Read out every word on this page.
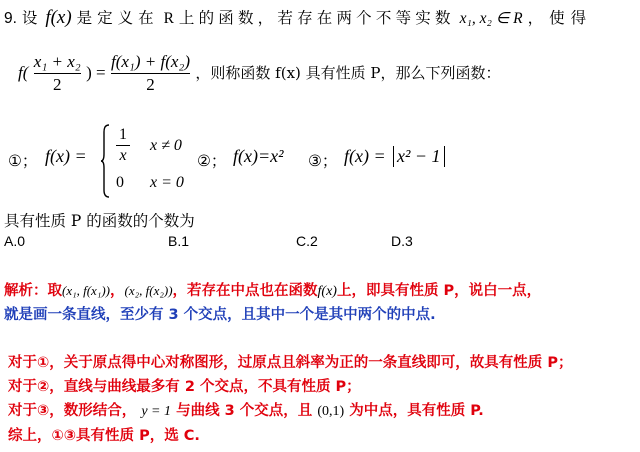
9. 设 f(x) 是定义在 R 上的函数，若存在两个不等实数 x₁, x₂ ∈ R ，使得
$f( \frac{\text{x₁ + x₂}}{2}$ ) = $\frac{\text{f(x₁) + f(x₂)}}{2}$ ，则称函数 f(x) 具有性质 P，那么下列函数：
①； $f(x) = \frac{1}{x}$ x ≠ 0
0 x = 0
②； f(x)=x² ③； f(x) = x² − 1
具有性质 P 的函数的个数为
A.0	B.1	C.2	D.3
解析：取(x₁, f(x₁))，(x₂, f(x₂))，若存在中点也在函数f(x)上，即具有性质 P，说白一点，
就是画一条直线，至少有 3 个交点，且其中一个是其中两个的中点.
对于①，关于原点得中心对称图形，过原点且斜率为正的一条直线即可，故具有性质 P；
对于②，直线与曲线最多有 2 个交点，不具有性质 P；
对于③，数形结合， y = 1 与曲线 3 个交点，且 (0,1) 为中点，具有性质 P.
综上，①③具有性质 P，选 C.
